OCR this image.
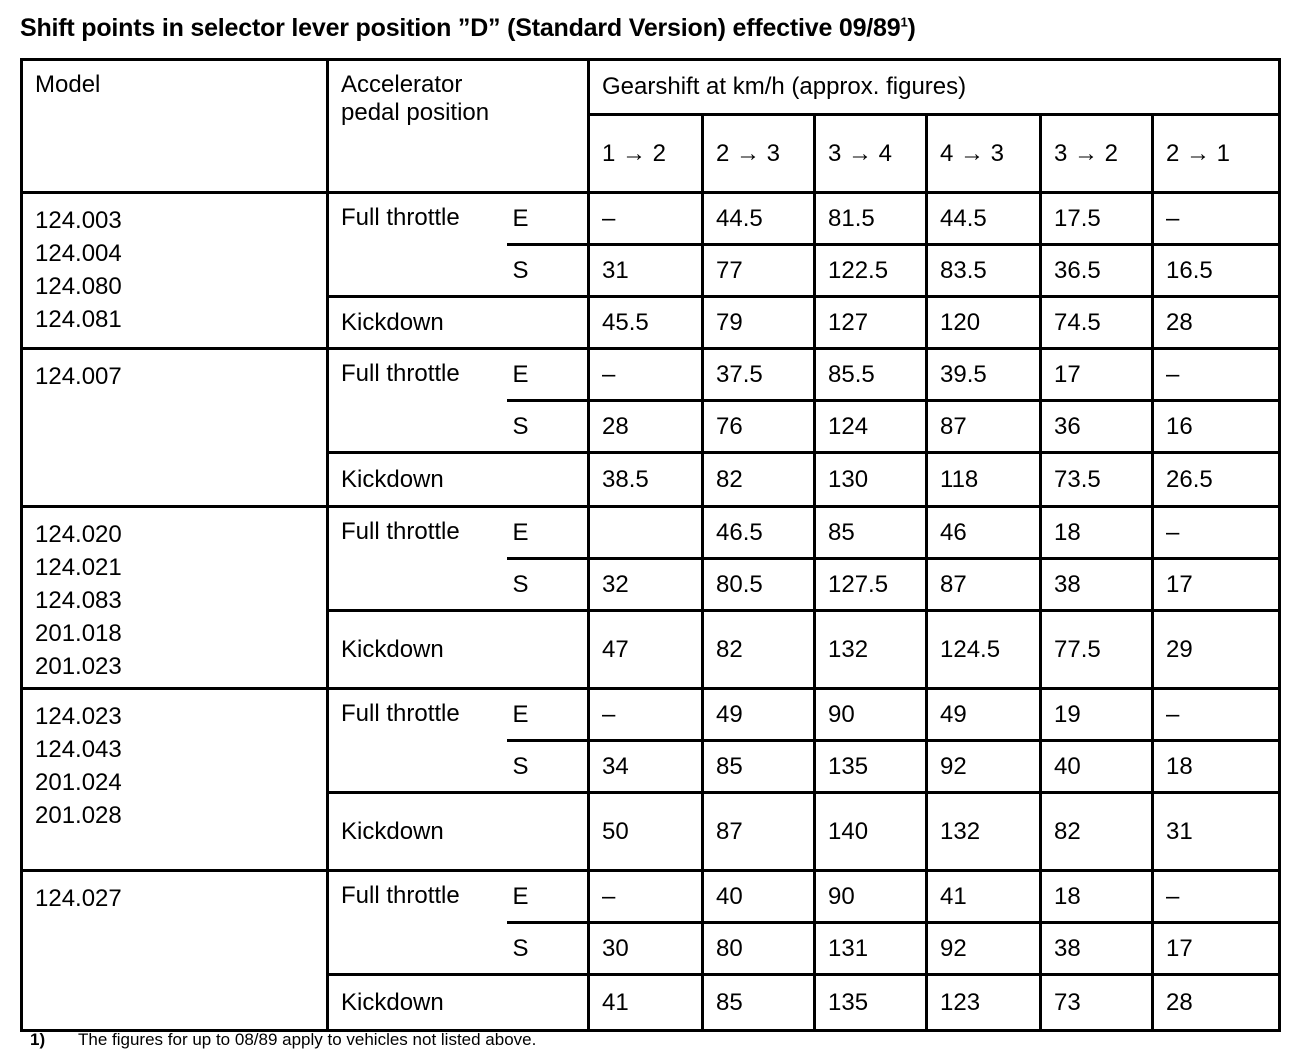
Shift points in selector lever position ”D” (Standard Version) effective $09/89^1$)
Model	Accelerator
pedal position		Gearshift at km/h (approx. figures)					
			1 → 2	2 → 3	3 → 4	4 → 3	3 → 2	2 → 1

124.003
124.004
124.080
124.081	Full throttle	E	–	44.5	81.5	44.5	17.5	–
		S	31	77	122.5	83.5	36.5	16.5
	Kickdown		45.5	79	127	120	74.5	28

124.007	Full throttle	E	–	37.5	85.5	39.5	17	–
		S	28	76	124	87	36	16
	Kickdown		38.5	82	130	118	73.5	26.5

124.020
124.021
124.083
201.018
201.023	Full throttle	E		46.5	85	46	18	–
		S	32	80.5	127.5	87	38	17
	Kickdown		47	82	132	124.5	77.5	29

124.023
124.043
201.024
201.028	Full throttle	E	–	49	90	49	19	–
		S	34	85	135	92	40	18
	Kickdown		50	87	140	132	82	31

124.027	Full throttle	E	–	40	90	41	18	–
		S	30	80	131	92	38	17
	Kickdown		41	85	135	123	73	28
1) The figures for up to 08/89 apply to vehicles not listed above.
